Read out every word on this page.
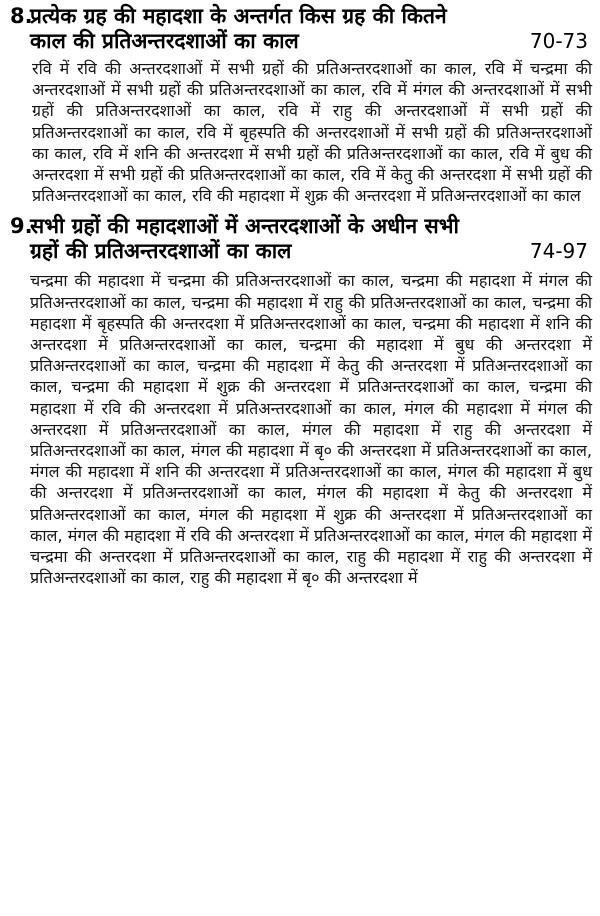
8.प्रत्येक ग्रह की महादशा के अन्तर्गत किस ग्रह की कितने
काल की प्रतिअन्तरदशाओं का काल	70-73
रवि में रवि की अन्तरदशाओं में सभी ग्रहों की प्रतिअन्तरदशाओं का काल, रवि में चन्द्रमा की अन्तरदशाओं में सभी ग्रहों की प्रतिअन्तरदशाओं का काल, रवि में मंगल की अन्तरदशाओं में सभी ग्रहों की प्रतिअन्तरदशाओं का काल, रवि में राहु की अन्तरदशाओं में सभी ग्रहों की प्रतिअन्तरदशाओं का काल, रवि में बृहस्पति की अन्तरदशाओं में सभी ग्रहों की प्रतिअन्तरदशाओं का काल, रवि में शनि की अन्तरदशा में सभी ग्रहों की प्रतिअन्तरदशाओं का काल, रवि में बुध की अन्तरदशा में सभी ग्रहों की प्रतिअन्तरदशाओं का काल, रवि में केतु की अन्तरदशा में सभी ग्रहों की प्रतिअन्तरदशाओं का काल, रवि की महादशा में शुक्र की अन्तरदशा में प्रतिअन्तरदशाओं का काल
9.सभी ग्रहों की महादशाओं में अन्तरदशाओं के अधीन सभी
ग्रहों की प्रतिअन्तरदशाओं का काल	74-97
चन्द्रमा की महादशा में चन्द्रमा की प्रतिअन्तरदशाओं का काल, चन्द्रमा की महादशा में मंगल की प्रतिअन्तरदशाओं का काल, चन्द्रमा की महादशा में राहु की प्रतिअन्तरदशाओं का काल, चन्द्रमा की महादशा में बृहस्पति की अन्तरदशा में प्रतिअन्तरदशाओं का काल, चन्द्रमा की महादशा में शनि की अन्तरदशा में प्रतिअन्तरदशाओं का काल, चन्द्रमा की महादशा में बुध की अन्तरदशा में प्रतिअन्तरदशाओं का काल, चन्द्रमा की महादशा में केतु की अन्तरदशा में प्रतिअन्तरदशाओं का काल, चन्द्रमा की महादशा में शुक्र की अन्तरदशा में प्रतिअन्तरदशाओं का काल, चन्द्रमा की महादशा में रवि की अन्तरदशा में प्रतिअन्तरदशाओं का काल, मंगल की महादशा में मंगल की अन्तरदशा में प्रतिअन्तरदशाओं का काल, मंगल की महादशा में राहु की अन्तरदशा में प्रतिअन्तरदशाओं का काल, मंगल की महादशा में बृ० की अन्तरदशा में प्रतिअन्तरदशाओं का काल, मंगल की महादशा में शनि की अन्तरदशा में प्रतिअन्तरदशाओं का काल, मंगल की महादशा में बुध की अन्तरदशा में प्रतिअन्तरदशाओं का काल, मंगल की महादशा में केतु की अन्तरदशा में प्रतिअन्तरदशाओं का काल, मंगल की महादशा में शुक्र की अन्तरदशा में प्रतिअन्तरदशाओं का काल, मंगल की महादशा में रवि की अन्तरदशा में प्रतिअन्तरदशाओं का काल, मंगल की महादशा में चन्द्रमा की अन्तरदशा में प्रतिअन्तरदशाओं का काल, राहु की महादशा में राहु की अन्तरदशा में प्रतिअन्तरदशाओं का काल, राहु की महादशा में बृ० की अन्तरदशा में
